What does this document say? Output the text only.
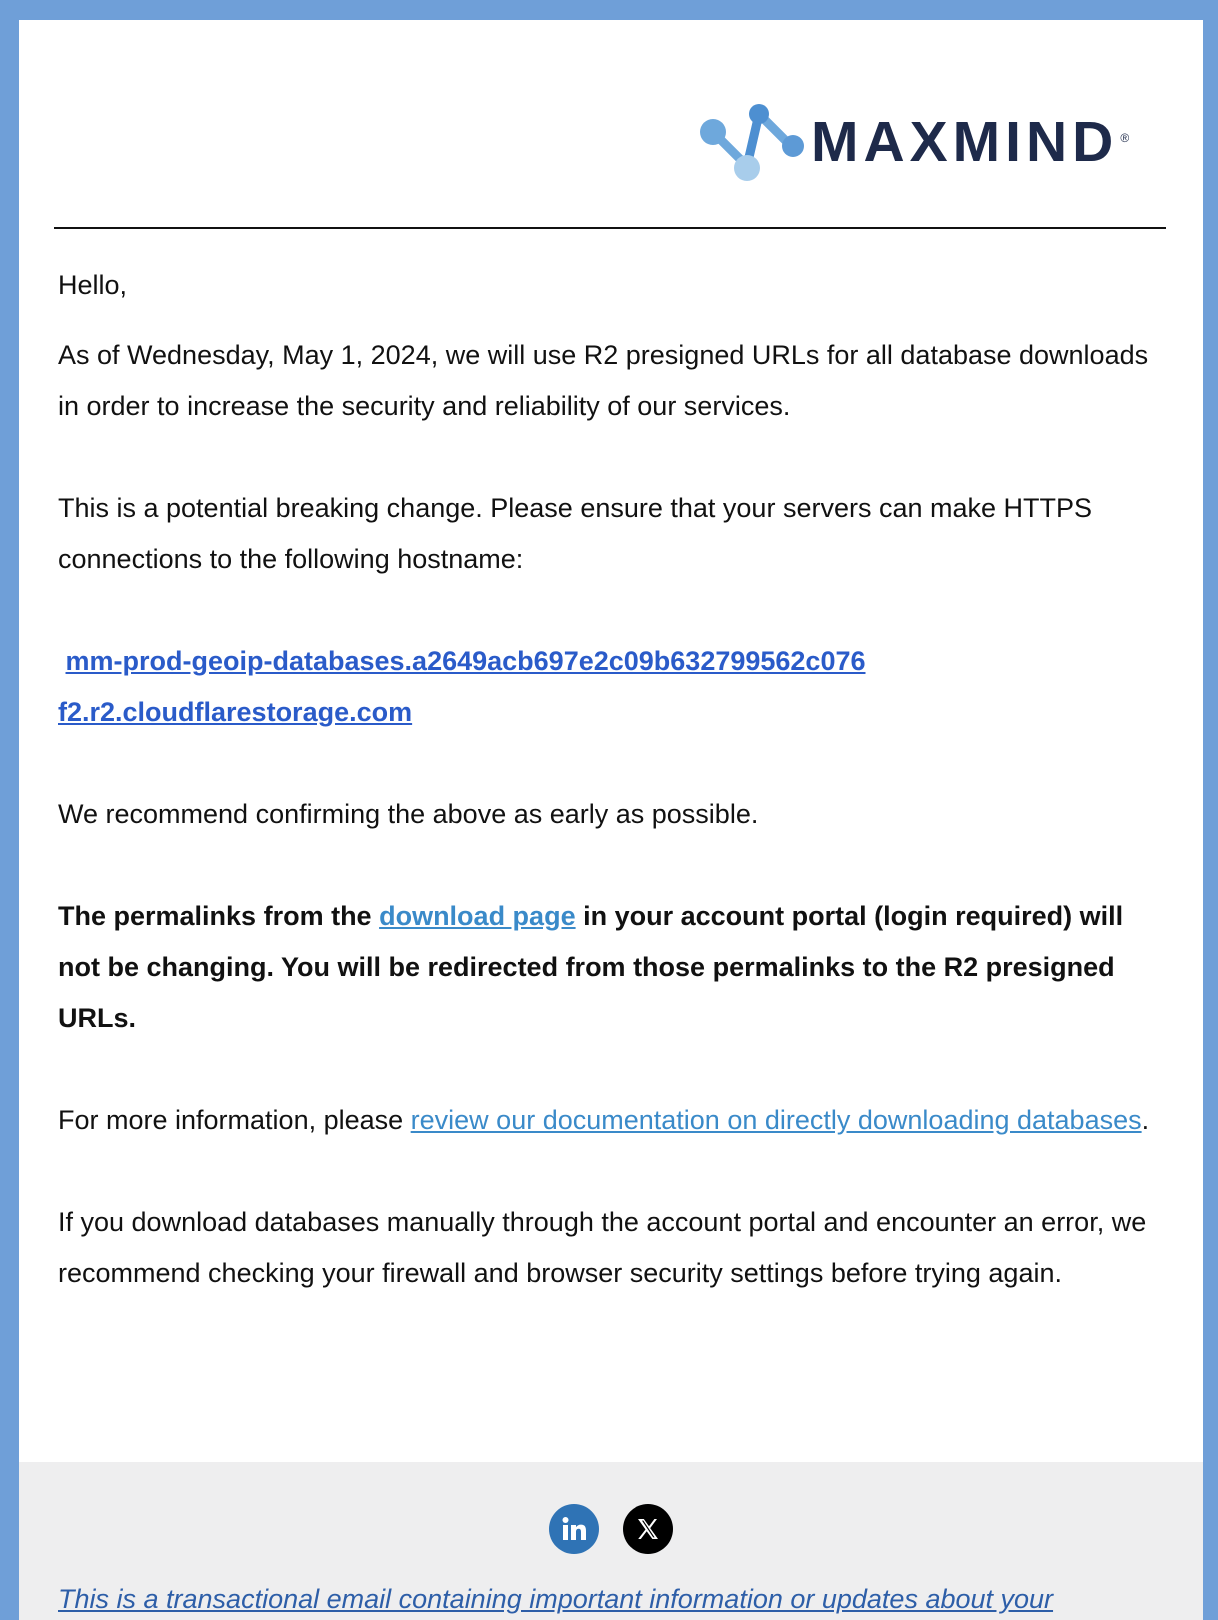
MAXMIND ®

Hello,

As of Wednesday, May 1, 2024, we will use R2 presigned URLs for all database downloads in order to increase the security and reliability of our services.

This is a potential breaking change. Please ensure that your servers can make HTTPS connections to the following hostname:

mm-prod-geoip-databases.a2649acb697e2c09b632799562c076
f2.r2.cloudflarestorage.com

We recommend confirming the above as early as possible.

The permalinks from the download page in your account portal (login required) will not be changing. You will be redirected from those permalinks to the R2 presigned URLs.

For more information, please review our documentation on directly downloading databases.

If you download databases manually through the account portal and encounter an error, we recommend checking your firewall and browser security settings before trying again.

This is a transactional email containing important information or updates about your
